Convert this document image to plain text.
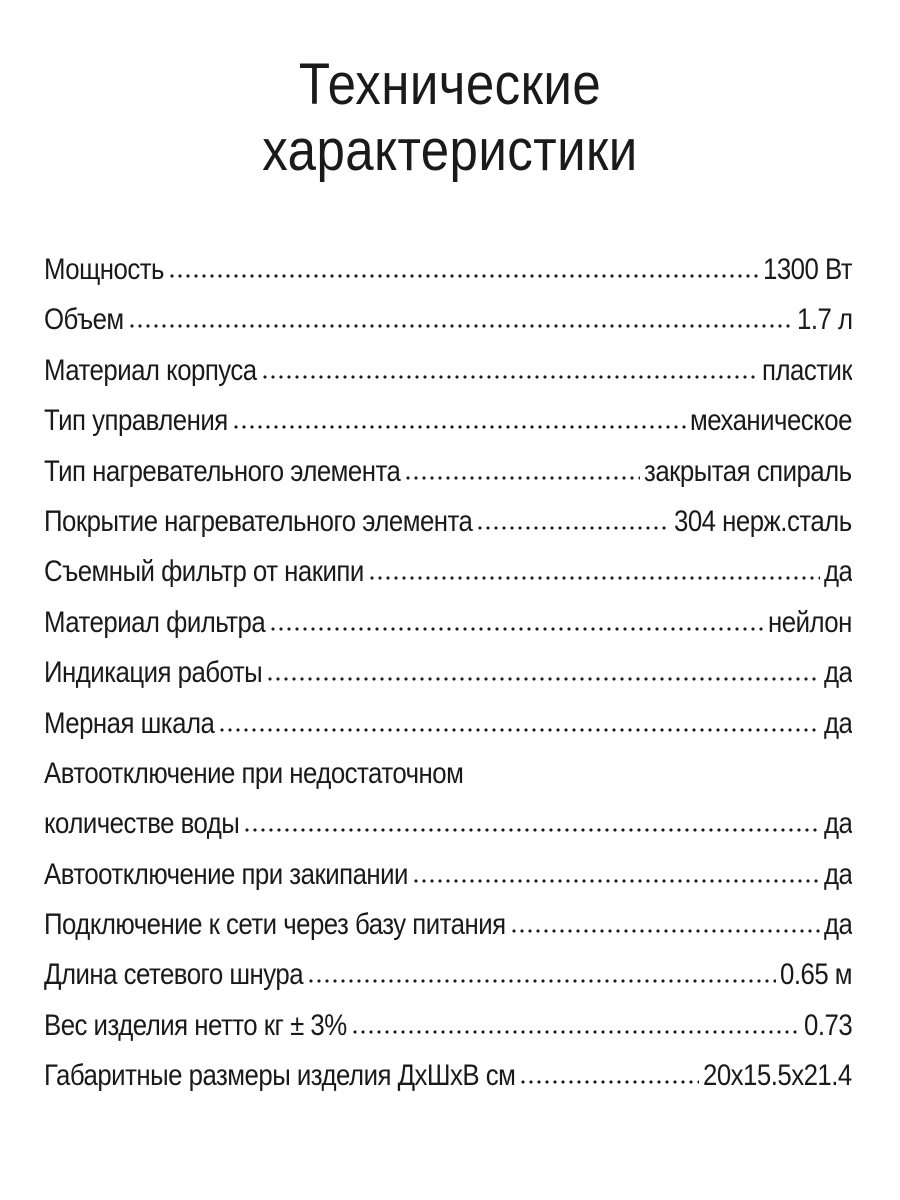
Технические
характеристики
Мощность	1300 Вт
Объем	1.7 л
Материал корпуса	пластик
Тип управления	механическое
Тип нагревательного элемента	закрытая спираль
Покрытие нагревательного элемента	304 нерж.сталь
Съемный фильтр от накипи	да
Материал фильтра	нейлон
Индикация работы	да
Мерная шкала	да
Автоотключение при недостаточном
количестве воды	да
Автоотключение при закипании	да
Подключение к сети через базу питания	да
Длина сетевого шнура	0.65 м
Вес изделия нетто кг ± 3%	0.73
Габаритные размеры изделия ДхШхВ см	20x15.5x21.4
